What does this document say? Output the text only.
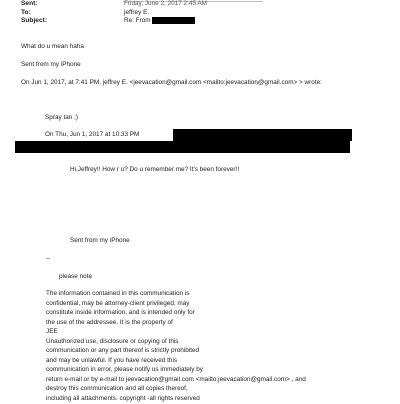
Sent:	Friday, June 2, 2017 2:45 AM
To:	jeffrey E.
Subject:	Re: From
What do u mean haha
Sent from my iPhone
On Jun 1, 2017, at 7:41 PM, jeffrey E. <jeevacation@gmail.com <mailto:jeevacation@gmail.com> > wrote:
Spray tan ;)
On Thu, Jun 1, 2017 at 10:33 PM
Hi,Jeffrey!! How r u? Do u remember me? It's been forever!!
Sent from my iPhone
--
please note
The information contained in this communication is
confidential, may be attorney-client privileged, may
constitute inside information, and is intended only for
the use of the addressee. It is the property of
JEE
Unauthorized use, disclosure or copying of this
communication or any part thereof is strictly prohibited
and may be unlawful. If you have received this
communication in error, please notify us immediately by
return e-mail or by e-mail to jeevacation@gmail.com <mailto:jeevacation@gmail.com> , and
destroy this communication and all copies thereof,
including all attachments. copyright -all rights reserved
